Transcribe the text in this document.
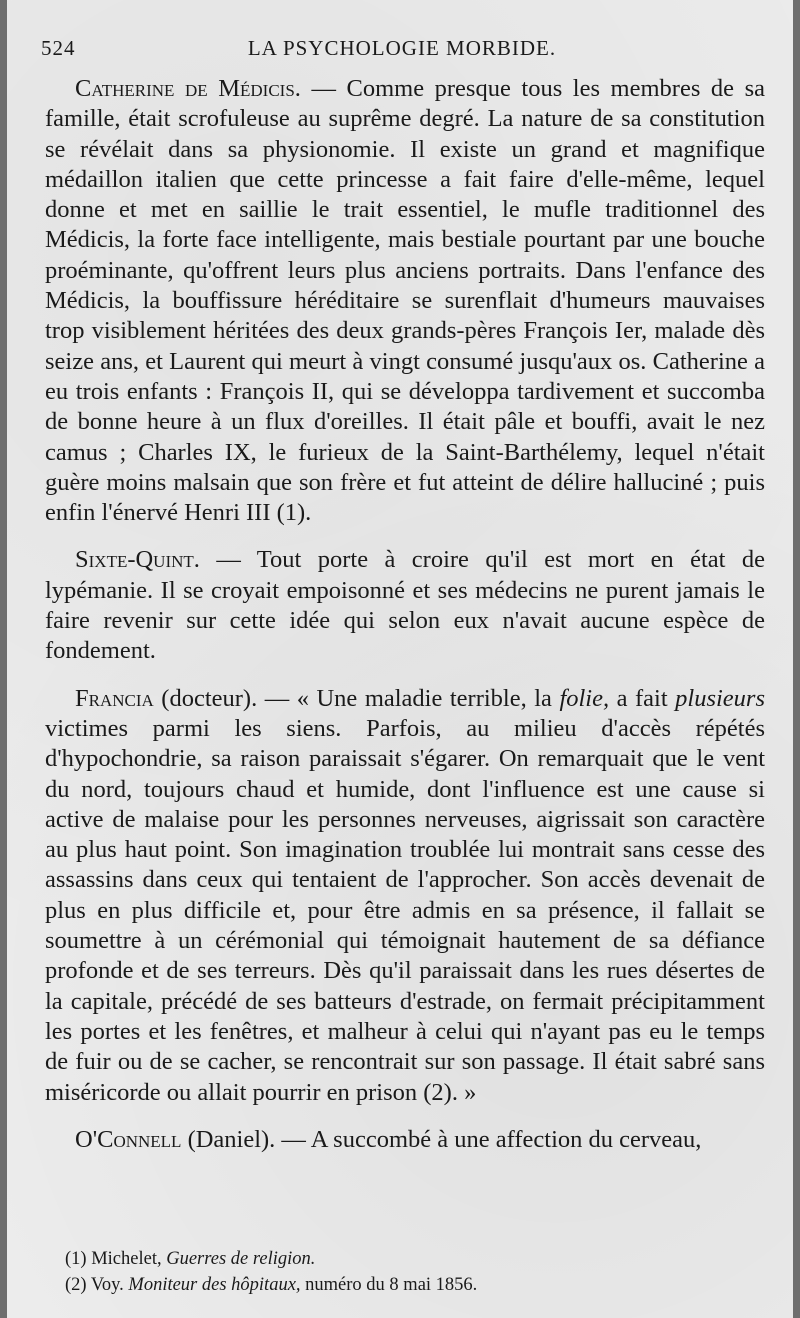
524	LA PSYCHOLOGIE MORBIDE.

Catherine de Médicis. — Comme presque tous les membres de sa famille, était scrofuleuse au suprême degré. La nature de sa constitution se révélait dans sa physionomie. Il existe un grand et magnifique médaillon italien que cette princesse a fait faire d'elle-même, lequel donne et met en saillie le trait essentiel, le mufle traditionnel des Médicis, la forte face intelligente, mais bestiale pourtant par une bouche proéminante, qu'offrent leurs plus anciens portraits. Dans l'enfance des Médicis, la bouffissure héréditaire se surenflait d'humeurs mauvaises trop visiblement héritées des deux grands-pères François Ier, malade dès seize ans, et Laurent qui meurt à vingt consumé jusqu'aux os. Catherine a eu trois enfants : François II, qui se développa tardivement et succomba de bonne heure à un flux d'oreilles. Il était pâle et bouffi, avait le nez camus ; Charles IX, le furieux de la Saint-Barthélemy, lequel n'était guère moins malsain que son frère et fut atteint de délire halluciné ; puis enfin l'énervé Henri III (1).

Sixte-Quint. — Tout porte à croire qu'il est mort en état de lypémanie. Il se croyait empoisonné et ses médecins ne purent jamais le faire revenir sur cette idée qui selon eux n'avait aucune espèce de fondement.

Francia (docteur). — « Une maladie terrible, la folie, a fait plusieurs victimes parmi les siens. Parfois, au milieu d'accès répétés d'hypochondrie, sa raison paraissait s'égarer. On remarquait que le vent du nord, toujours chaud et humide, dont l'influence est une cause si active de malaise pour les personnes nerveuses, aigrissait son caractère au plus haut point. Son imagination troublée lui montrait sans cesse des assassins dans ceux qui tentaient de l'approcher. Son accès devenait de plus en plus difficile et, pour être admis en sa présence, il fallait se soumettre à un cérémonial qui témoignait hautement de sa défiance profonde et de ses terreurs. Dès qu'il paraissait dans les rues désertes de la capitale, précédé de ses batteurs d'estrade, on fermait précipitamment les portes et les fenêtres, et malheur à celui qui n'ayant pas eu le temps de fuir ou de se cacher, se rencontrait sur son passage. Il était sabré sans miséricorde ou allait pourrir en prison (2). »

O'Connell (Daniel). — A succombé à une affection du cerveau,

(1) Michelet, Guerres de religion.

(2) Voy. Moniteur des hôpitaux, numéro du 8 mai 1856.
